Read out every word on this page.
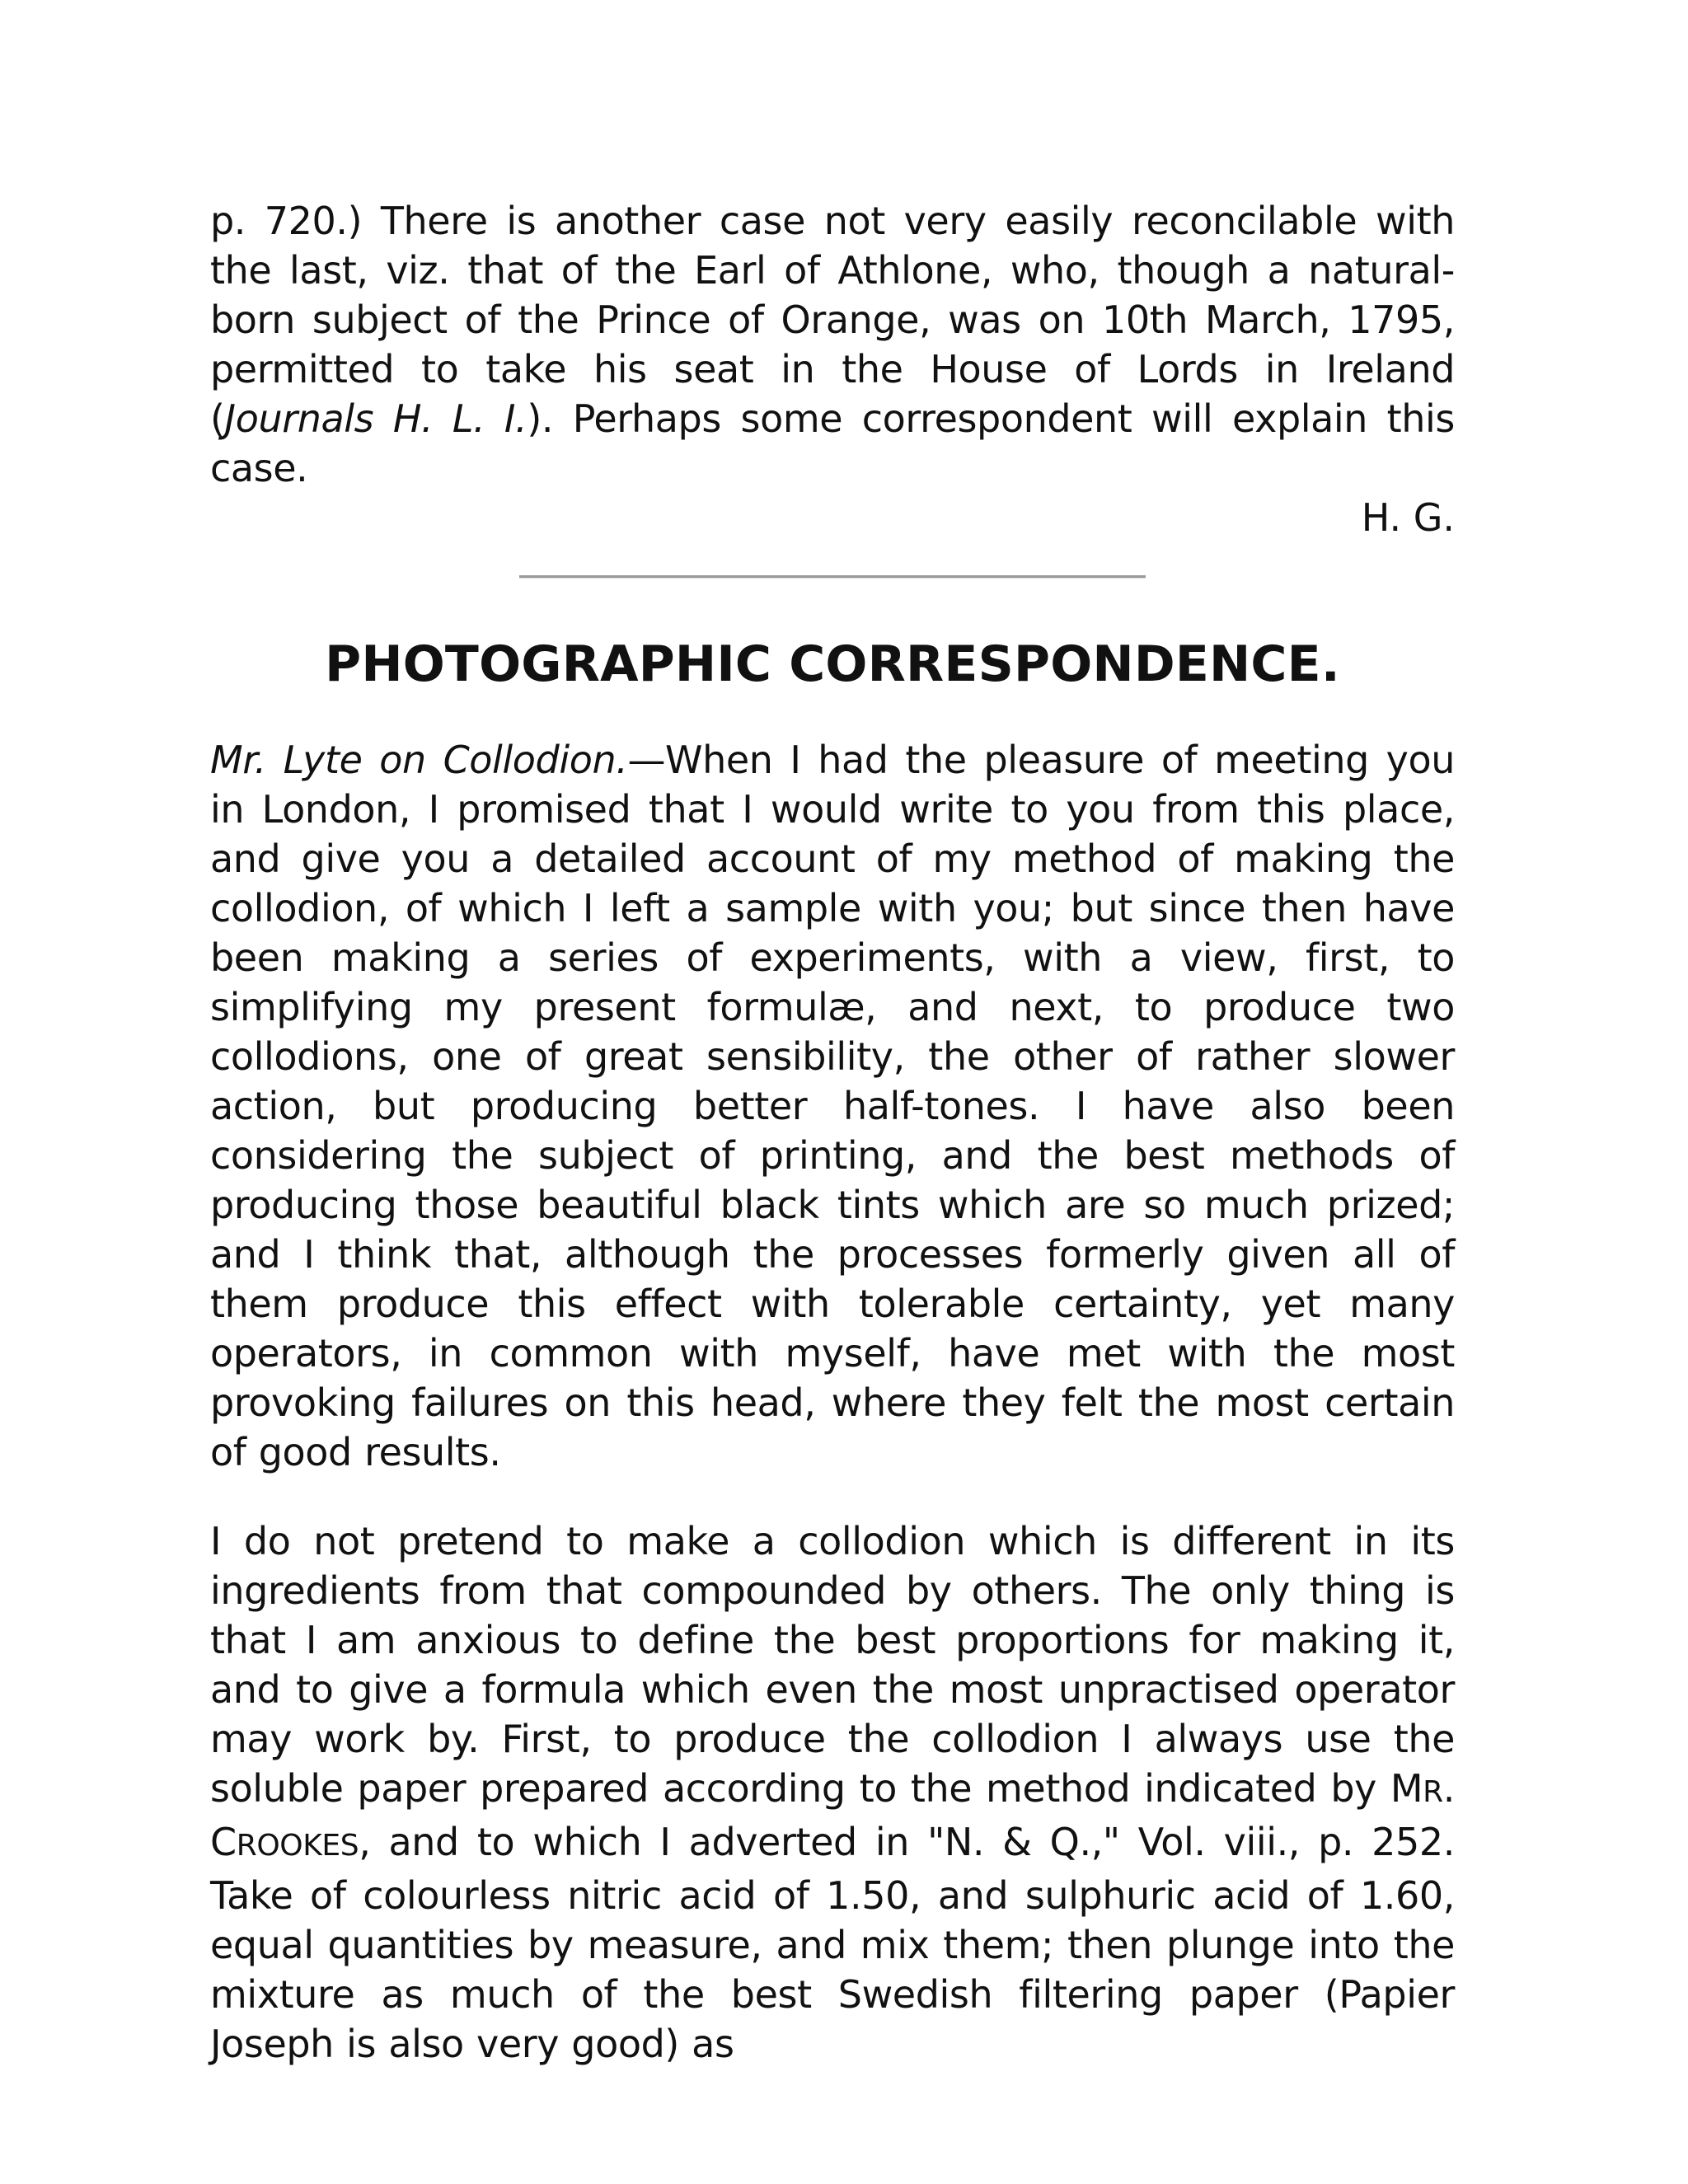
p. 720.) There is another case not very easily reconcilable with the last, viz. that of the Earl of Athlone, who, though a natural-born subject of the Prince of Orange, was on 10th March, 1795, permitted to take his seat in the House of Lords in Ireland (Journals H. L. I.). Perhaps some correspondent will explain this case.

H. G.
PHOTOGRAPHIC CORRESPONDENCE.

Mr. Lyte on Collodion.—When I had the pleasure of meeting you in London, I promised that I would write to you from this place, and give you a detailed account of my method of making the collodion, of which I left a sample with you; but since then have been making a series of experiments, with a view, first, to simplifying my present formulæ, and next, to produce two collodions, one of great sensibility, the other of rather slower action, but producing better half-tones. I have also been considering the subject of printing, and the best methods of producing those beautiful black tints which are so much prized; and I think that, although the processes formerly given all of them produce this effect with tolerable certainty, yet many operators, in common with myself, have met with the most provoking failures on this head, where they felt the most certain of good results.

I do not pretend to make a collodion which is different in its ingredients from that compounded by others. The only thing is that I am anxious to define the best proportions for making it, and to give a formula which even the most unpractised operator may work by. First, to produce the collodion I always use the soluble paper prepared according to the method indicated by MR. CROOKES, and to which I adverted in "N. & Q.," Vol. viii., p. 252. Take of colourless nitric acid of 1.50, and sulphuric acid of 1.60, equal quantities by measure, and mix them; then plunge into the mixture as much of the best Swedish filtering paper (Papier Joseph is also very good) as
